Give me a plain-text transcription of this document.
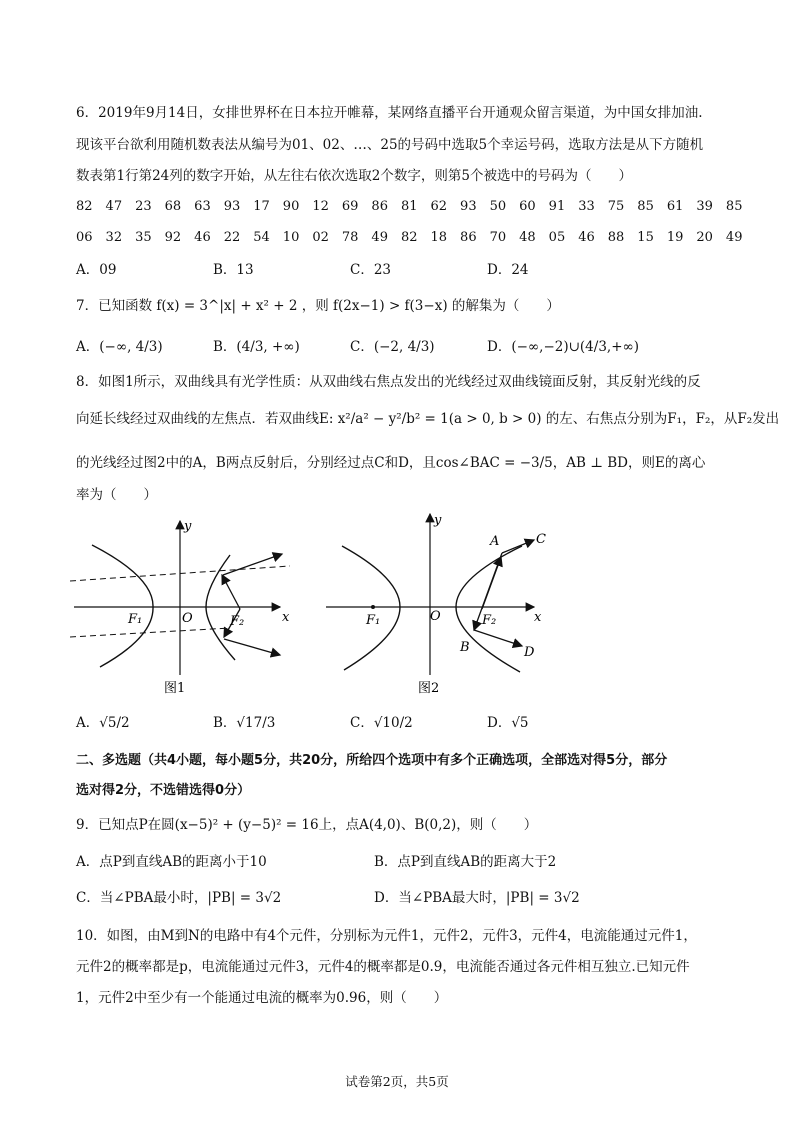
6．2019年9月14日，女排世界杯在日本拉开帷幕，某网络直播平台开通观众留言渠道，为中国女排加油.
现该平台欲利用随机数表法从编号为01、02、…、25的号码中选取5个幸运号码，选取方法是从下方随机
数表第1行第24列的数字开始，从左往右依次选取2个数字，则第5个被选中的号码为（　　）
82　47　23　68　63　93　17　90　12　69　86　81　62　93　50　60　91　33　75　85　61　39　85
06　32　35　92　46　22　54　10　02　78　49　82　18　86　70　48　05　46　88　15　19　20　49
A．09	B．13	C．23	D．24
7．已知函数 f(x) = 3^|x| + x² + 2 ，则 f(2x−1) > f(3−x) 的解集为（　　）
A．(−∞, 4/3)	B．(4/3, +∞)	C．(−2, 4/3)	D．(−∞,−2)∪(4/3,+∞)
8．如图1所示，双曲线具有光学性质：从双曲线右焦点发出的光线经过双曲线镜面反射，其反射光线的反
向延长线经过双曲线的左焦点．若双曲线E: x²/a² − y²/b² = 1(a > 0, b > 0) 的左、右焦点分别为F₁，F₂，从F₂发出
的光线经过图2中的A，B两点反射后，分别经过点C和D，且cos∠BAC = −3/5，AB ⊥ BD，则E的离心
率为（　　）
y
x
O
F₁	F₂
图1
y
x
O
F₁	F₂
A	C
B	D
图2
A．√5/2	B．√17/3	C．√10/2	D．√5
二、多选题（共4小题，每小题5分，共20分，所给四个选项中有多个正确选项，全部选对得5分，部分
选对得2分，不选错选得0分）
9．已知点P在圆(x−5)² + (y−5)² = 16上，点A(4,0)、B(0,2)，则（　　）
A．点P到直线AB的距离小于10	B．点P到直线AB的距离大于2
C．当∠PBA最小时，|PB| = 3√2	D．当∠PBA最大时，|PB| = 3√2
10．如图，由M到N的电路中有4个元件，分别标为元件1，元件2，元件3，元件4，电流能通过元件1，
元件2的概率都是p，电流能通过元件3，元件4的概率都是0.9，电流能否通过各元件相互独立.已知元件
1，元件2中至少有一个能通过电流的概率为0.96，则（　　）
试卷第2页，共5页
